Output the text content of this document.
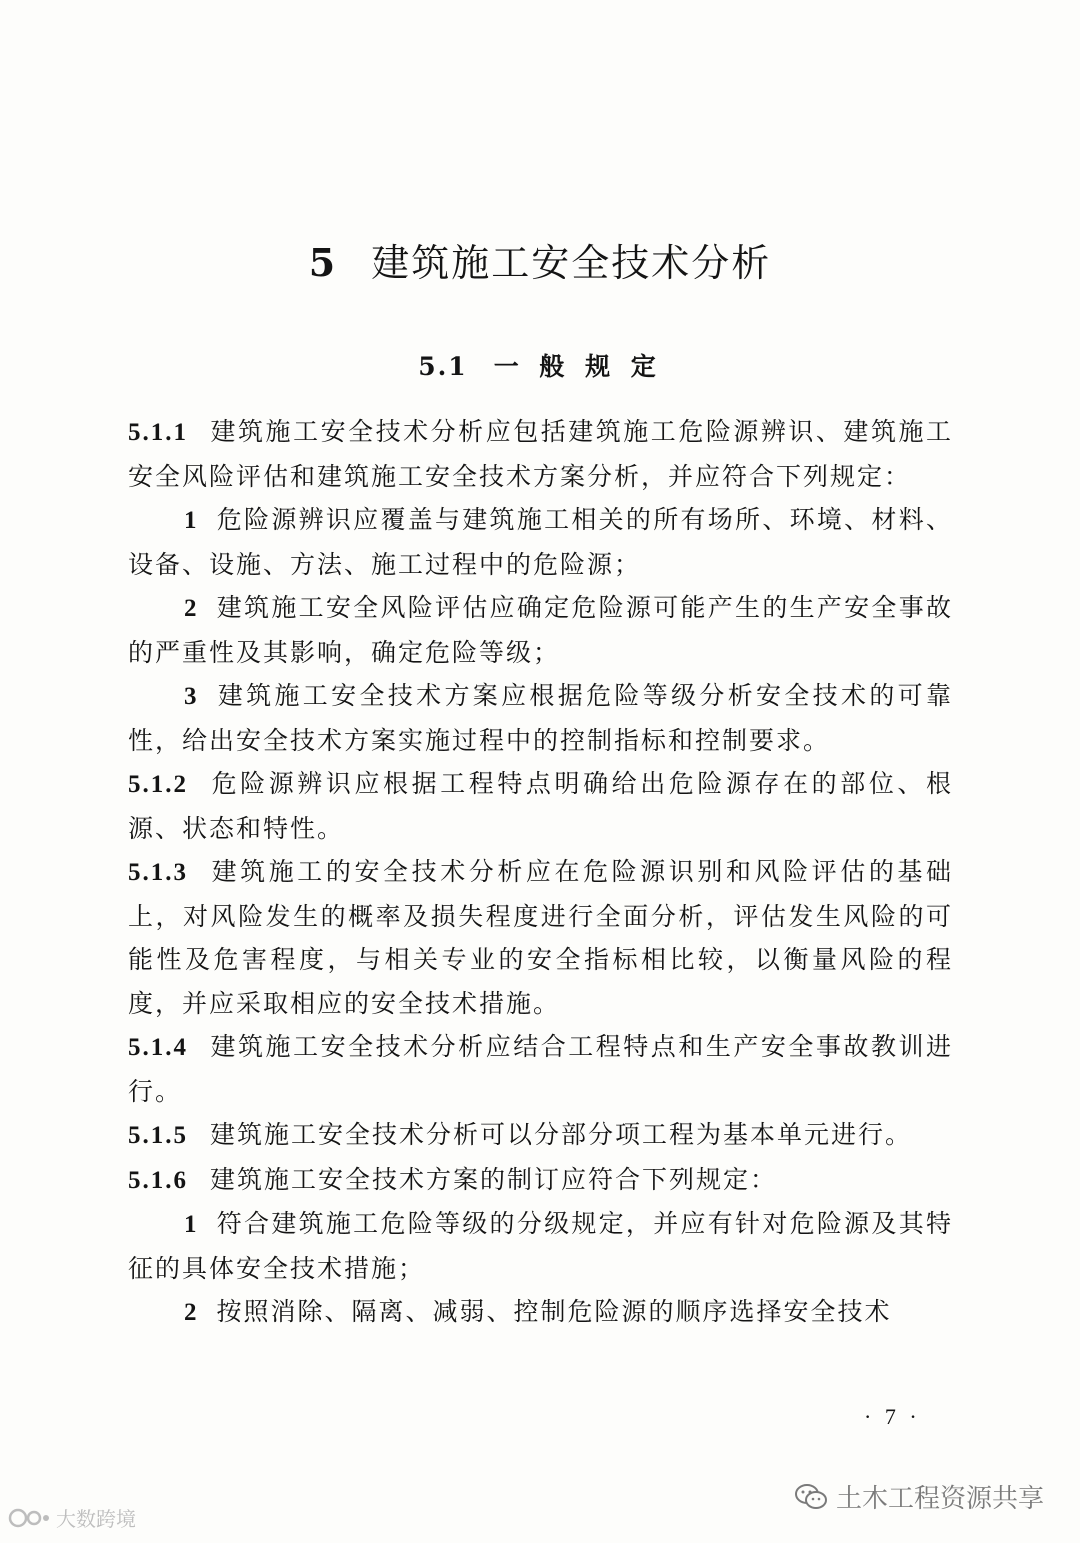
5 建筑施工安全技术分析
5.1 一 般 规 定

5.1.1 建筑施工安全技术分析应包括建筑施工危险源辨识、建筑施工安全风险评估和建筑施工安全技术方案分析，并应符合下列规定：

1 危险源辨识应覆盖与建筑施工相关的所有场所、环境、材料、设备、设施、方法、施工过程中的危险源；

2 建筑施工安全风险评估应确定危险源可能产生的生产安全事故的严重性及其影响，确定危险等级；

3 建筑施工安全技术方案应根据危险等级分析安全技术的可靠性，给出安全技术方案实施过程中的控制指标和控制要求。

5.1.2 危险源辨识应根据工程特点明确给出危险源存在的部位、根源、状态和特性。

5.1.3 建筑施工的安全技术分析应在危险源识别和风险评估的基础上，对风险发生的概率及损失程度进行全面分析，评估发生风险的可能性及危害程度，与相关专业的安全指标相比较，以衡量风险的程度，并应采取相应的安全技术措施。

5.1.4 建筑施工安全技术分析应结合工程特点和生产安全事故教训进行。

5.1.5 建筑施工安全技术分析可以分部分项工程为基本单元进行。

5.1.6 建筑施工安全技术方案的制订应符合下列规定：

1 符合建筑施工危险等级的分级规定，并应有针对危险源及其特征的具体安全技术措施；

2 按照消除、隔离、减弱、控制危险源的顺序选择安全技术

· 7 ·
土木工程资源共享
大数跨境
